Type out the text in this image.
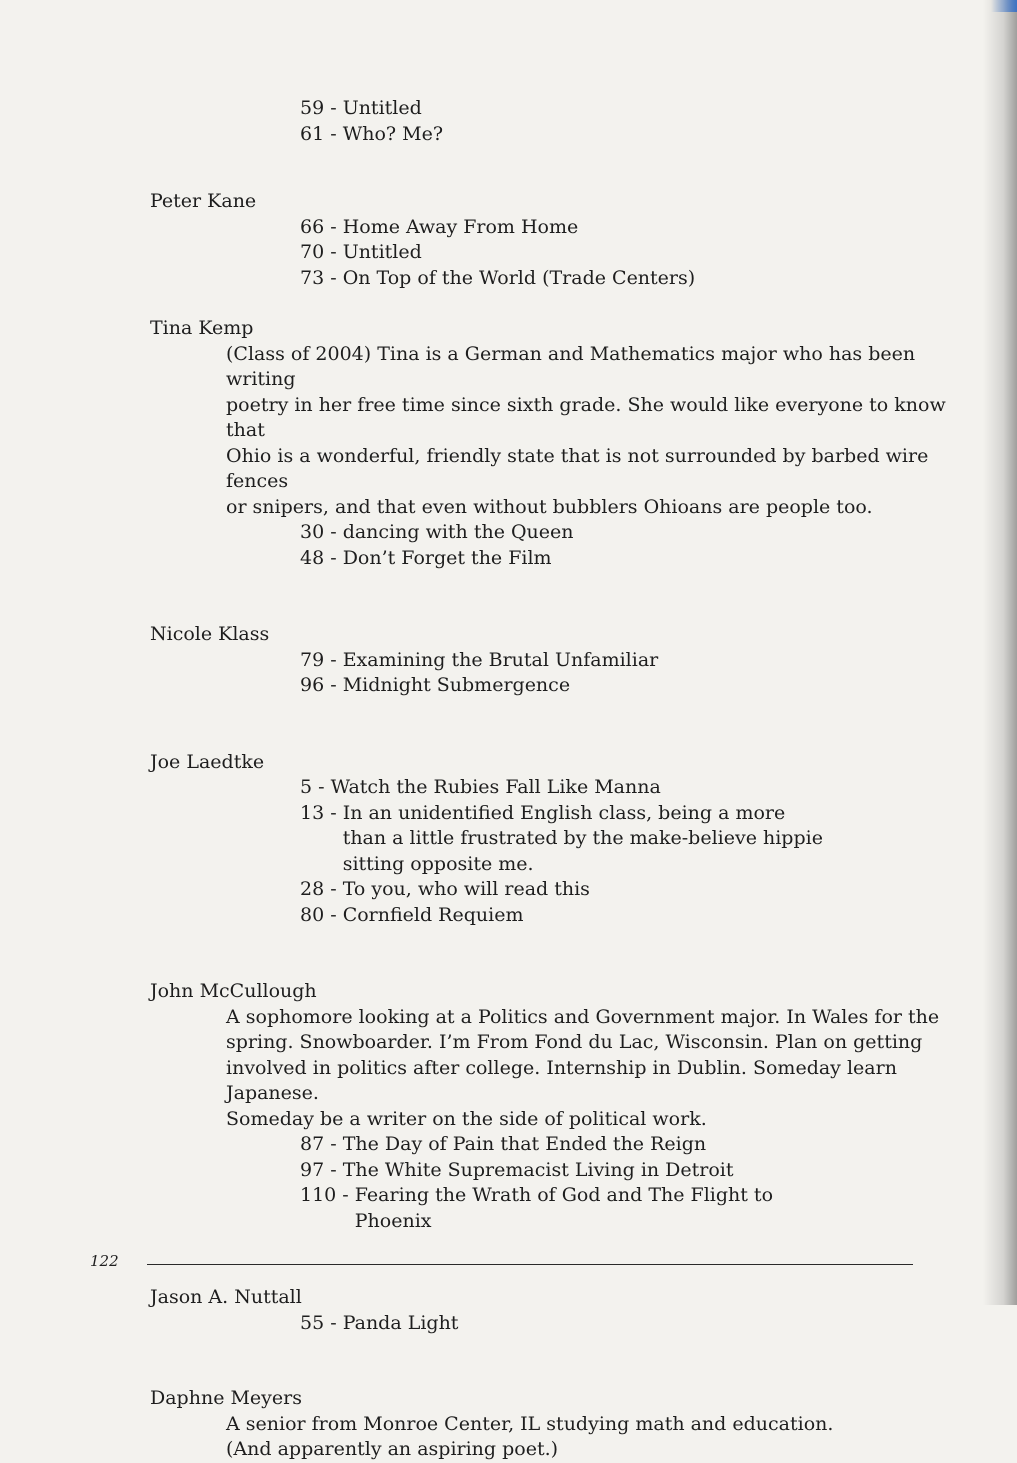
59 - Untitled
61 - Who? Me?
Peter Kane
66 - Home Away From Home
70 - Untitled
73 - On Top of the World (Trade Centers)
Tina Kemp

(Class of 2004) Tina is a German and Mathematics major who has been writing

poetry in her free time since sixth grade. She would like everyone to know that

Ohio is a wonderful, friendly state that is not surrounded by barbed wire fences

or snipers, and that even without bubblers Ohioans are people too.

30 - dancing with the Queen
48 - Don’t Forget the Film
Nicole Klass
79 - Examining the Brutal Unfamiliar
96 - Midnight Submergence
Joe Laedtke
5 - Watch the Rubies Fall Like Manna
13 - In an unidentified English class, being a more than a little frustrated by the make-believe hippie sitting opposite me.
28 - To you, who will read this
80 - Cornfield Requiem
John McCullough

A sophomore looking at a Politics and Government major. In Wales for the

spring. Snowboarder. I’m From Fond du Lac, Wisconsin. Plan on getting

involved in politics after college. Internship in Dublin. Someday learn Japanese.

Someday be a writer on the side of political work.

87 - The Day of Pain that Ended the Reign
97 - The White Supremacist Living in Detroit
110 - Fearing the Wrath of God and The Flight to Phoenix
Jason A. Nuttall
55 - Panda Light
Daphne Meyers

A senior from Monroe Center, IL studying math and education.

(And apparently an aspiring poet.)

122
